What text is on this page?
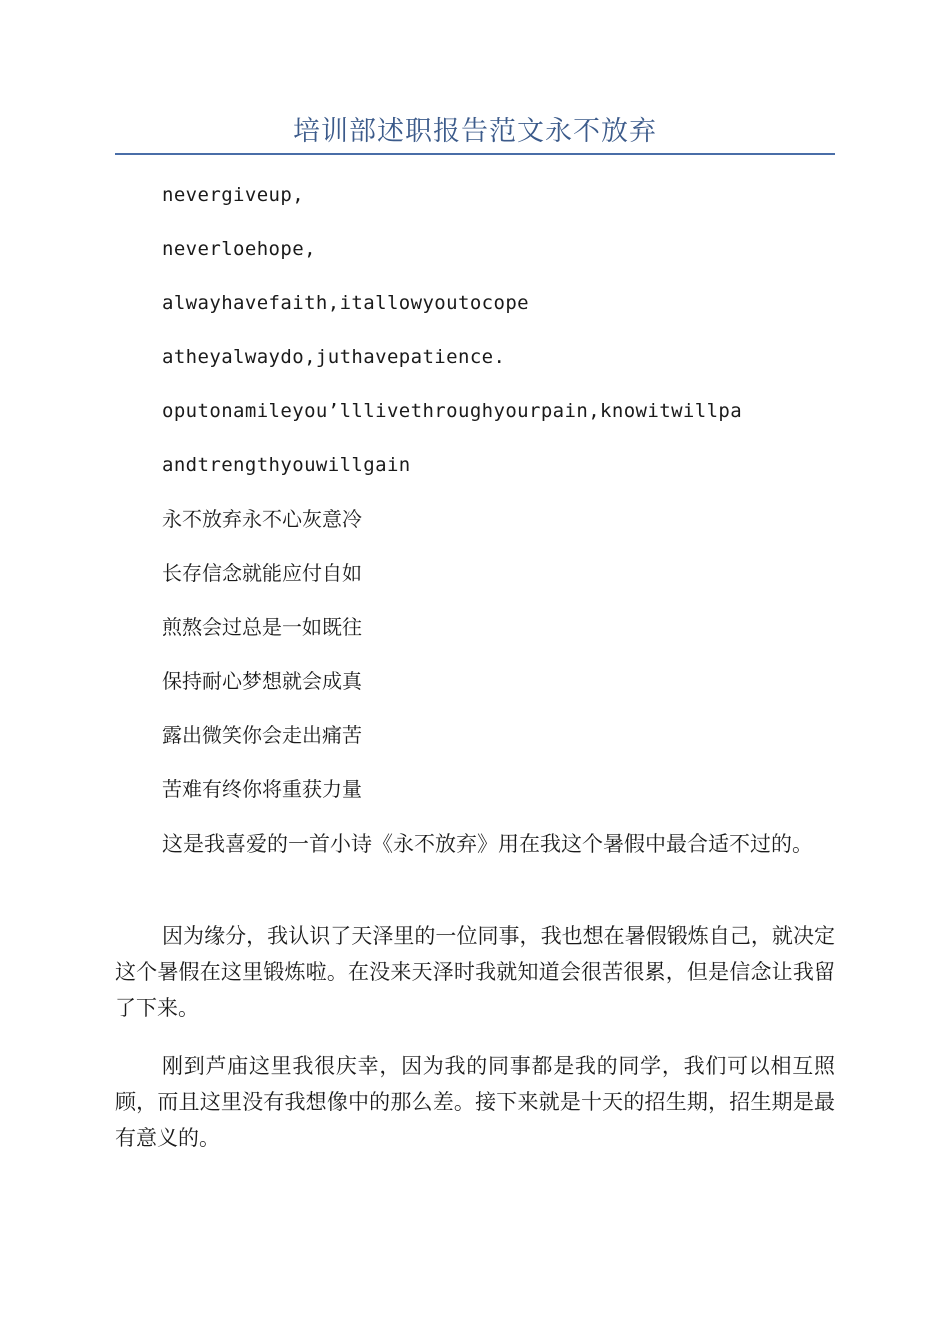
培训部述职报告范文永不放弃
nevergiveup,
neverloehope,
alwayhavefaith,itallowyoutocope
atheyalwaydo,juthavepatience.
oputonamileyou’lllivethroughyourpain,knowitwillpa
andtrengthyouwillgain
永不放弃永不心灰意冷
长存信念就能应付自如
煎熬会过总是一如既往
保持耐心梦想就会成真
露出微笑你会走出痛苦
苦难有终你将重获力量

这是我喜爱的一首小诗《永不放弃》用在我这个暑假中最合适不过的。

因为缘分，我认识了天泽里的一位同事，我也想在暑假锻炼自己，就决定这个暑假在这里锻炼啦。在没来天泽时我就知道会很苦很累，但是信念让我留了下来。

刚到芦庙这里我很庆幸，因为我的同事都是我的同学，我们可以相互照顾，而且这里没有我想像中的那么差。接下来就是十天的招生期，招生期是最有意义的。
